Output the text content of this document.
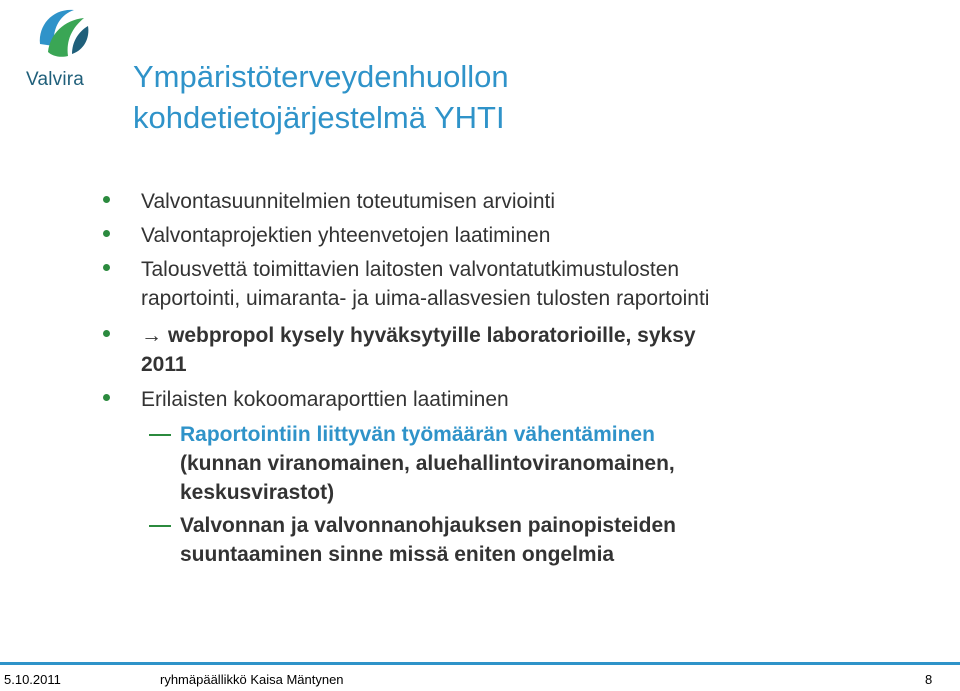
Valvira Ympäristöterveydenhuollon
kohdetietojärjestelmä YHTI
Valvontasuunnitelmien toteutumisen arviointi
Valvontaprojektien yhteenvetojen laatiminen
Talousvettä toimittavien laitosten valvontatutkimustulosten
raportointi, uimaranta- ja uima-allasvesien tulosten raportointi
→ webpropol kysely hyväksytyille laboratorioille, syksy
2011
Erilaisten kokoomaraporttien laatiminen
Raportointiin liittyvän työmäärän vähentäminen
(kunnan viranomainen, aluehallintoviranomainen,
keskusvirastot)
Valvonnan ja valvonnanohjauksen painopisteiden
suuntaaminen sinne missä eniten ongelmia
5.10.2011	ryhmäpäällikkö Kaisa Mäntynen	8
